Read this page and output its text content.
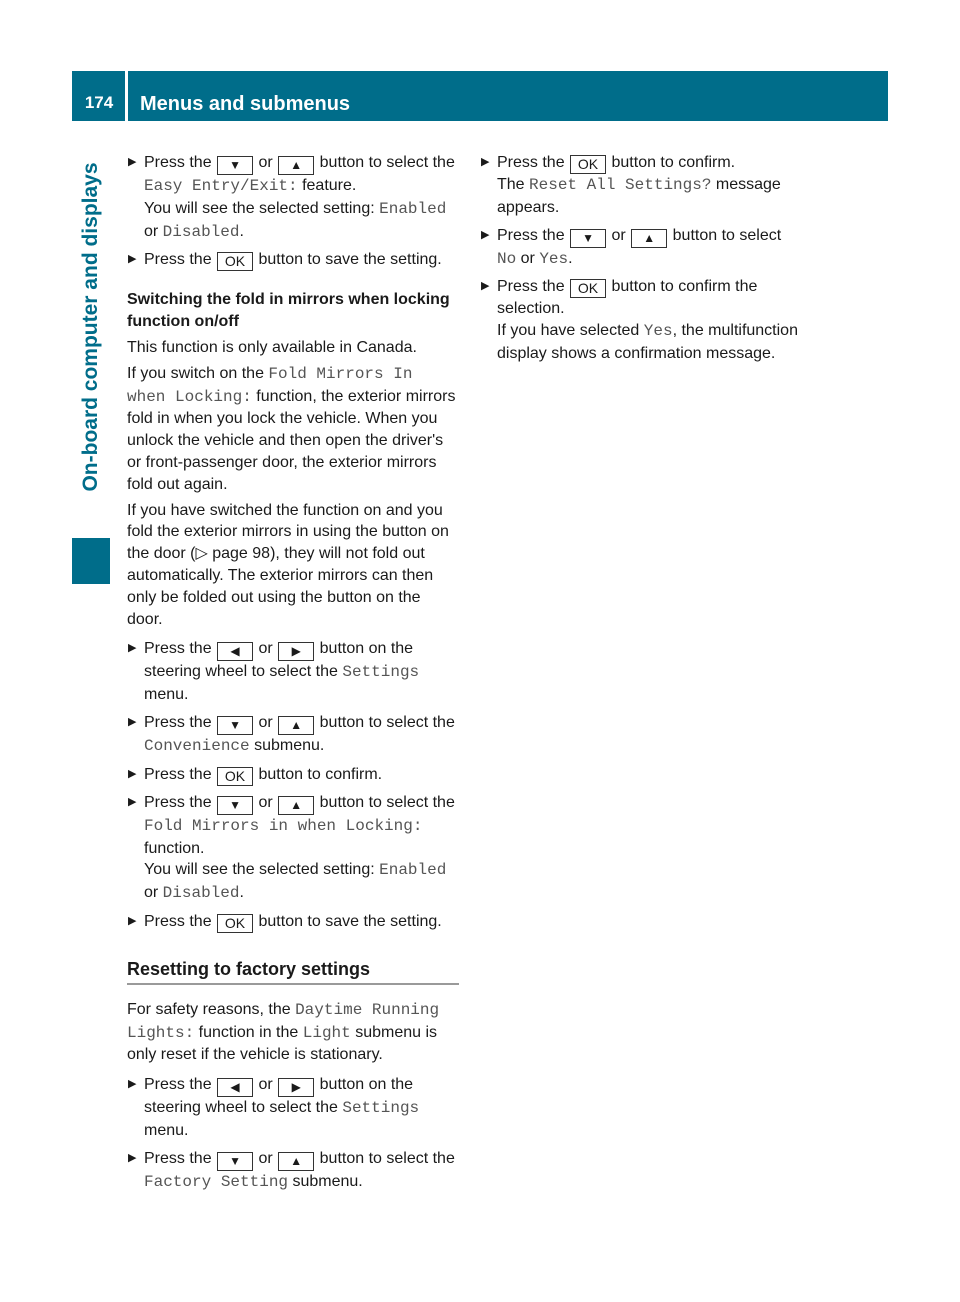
174	Menus and submenus
On-board computer and displays
▶ Press the ▼ or ▲ button to select the Easy Entry/Exit: feature.
You will see the selected setting: Enabled or Disabled.
▶ Press the OK button to save the setting.
Switching the fold in mirrors when locking function on/off
This function is only available in Canada.
If you switch on the Fold Mirrors In when Locking: function, the exterior mirrors fold in when you lock the vehicle. When you unlock the vehicle and then open the driver's or front-passenger door, the exterior mirrors fold out again.
If you have switched the function on and you fold the exterior mirrors in using the button on the door (▷ page 98), they will not fold out automatically. The exterior mirrors can then only be folded out using the button on the door.
▶ Press the ◀ or ▶ button on the steering wheel to select the Settings menu.
▶ Press the ▼ or ▲ button to select the Convenience submenu.
▶ Press the OK button to confirm.
▶ Press the ▼ or ▲ button to select the Fold Mirrors in when Locking: function.
You will see the selected setting: Enabled or Disabled.
▶ Press the OK button to save the setting.
Resetting to factory settings
For safety reasons, the Daytime Running Lights: function in the Light submenu is only reset if the vehicle is stationary.
▶ Press the ◀ or ▶ button on the steering wheel to select the Settings menu.
▶ Press the ▼ or ▲ button to select the Factory Setting submenu.
▶ Press the OK button to confirm.
The Reset All Settings? message appears.
▶ Press the ▼ or ▲ button to select
No or Yes.
▶ Press the OK button to confirm the selection.
If you have selected Yes, the multifunction display shows a confirmation message.
